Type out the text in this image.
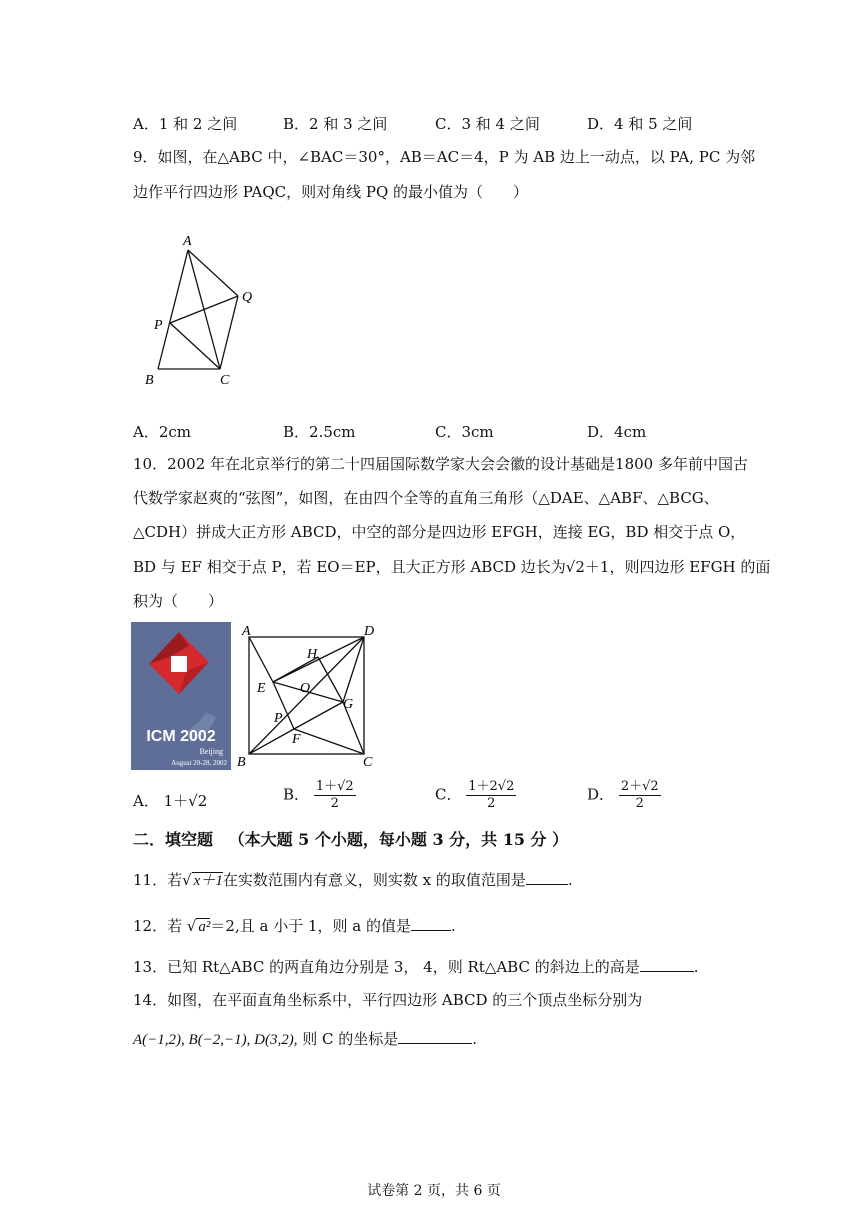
A．1 和 2 之间	B．2 和 3 之间	C．3 和 4 之间	D．4 和 5 之间
9．如图，在△ABC 中，∠BAC＝30°，AB＝AC＝4，P 为 AB 边上一动点，以 PA, PC 为邻
边作平行四边形 PAQC，则对角线 PQ 的最小值为（　　）
A
Q
P
B	C
A．2cm	B．2.5cm	C．3cm	D．4cm
10．2002 年在北京举行的第二十四届国际数学家大会会徽的设计基础是1800 多年前中国古
代数学家赵爽的“弦图”，如图，在由四个全等的直角三角形（△DAE、△ABF、△BCG、
△CDH）拼成大正方形 ABCD，中空的部分是四边形 EFGH，连接 EG，BD 相交于点 O，
BD 与 EF 相交于点 P，若 EO＝EP，且大正方形 ABCD 边长为√2＋1，则四边形 EFGH 的面
积为（　　）
ICM 2002
Beijing
August 20-28, 2002
A	D
H
E O
G
P
F
B	C
A． 1＋√2	B． $\frac{1+√2}{2}$	C． $\frac{1+2√2}{2}$	D． $\frac{2+√2}{2}$
二．填空题 （本大题 5 个小题，每小题 3 分，共 15 分 ）
11．若√ x＋1在实数范围内有意义，则实数 x 的取值范围是	.
12．若 √ a²＝2,且 a 小于 1，则 a 的值是	.
13．已知 Rt△ABC 的两直角边分别是 3， 4，则 Rt△ABC 的斜边上的高是	.
14．如图，在平面直角坐标系中，平行四边形 ABCD 的三个顶点坐标分别为
A(−1,2), B(−2,−1), D(3,2), 则 C 的坐标是	.
试卷第 2 页，共 6 页
